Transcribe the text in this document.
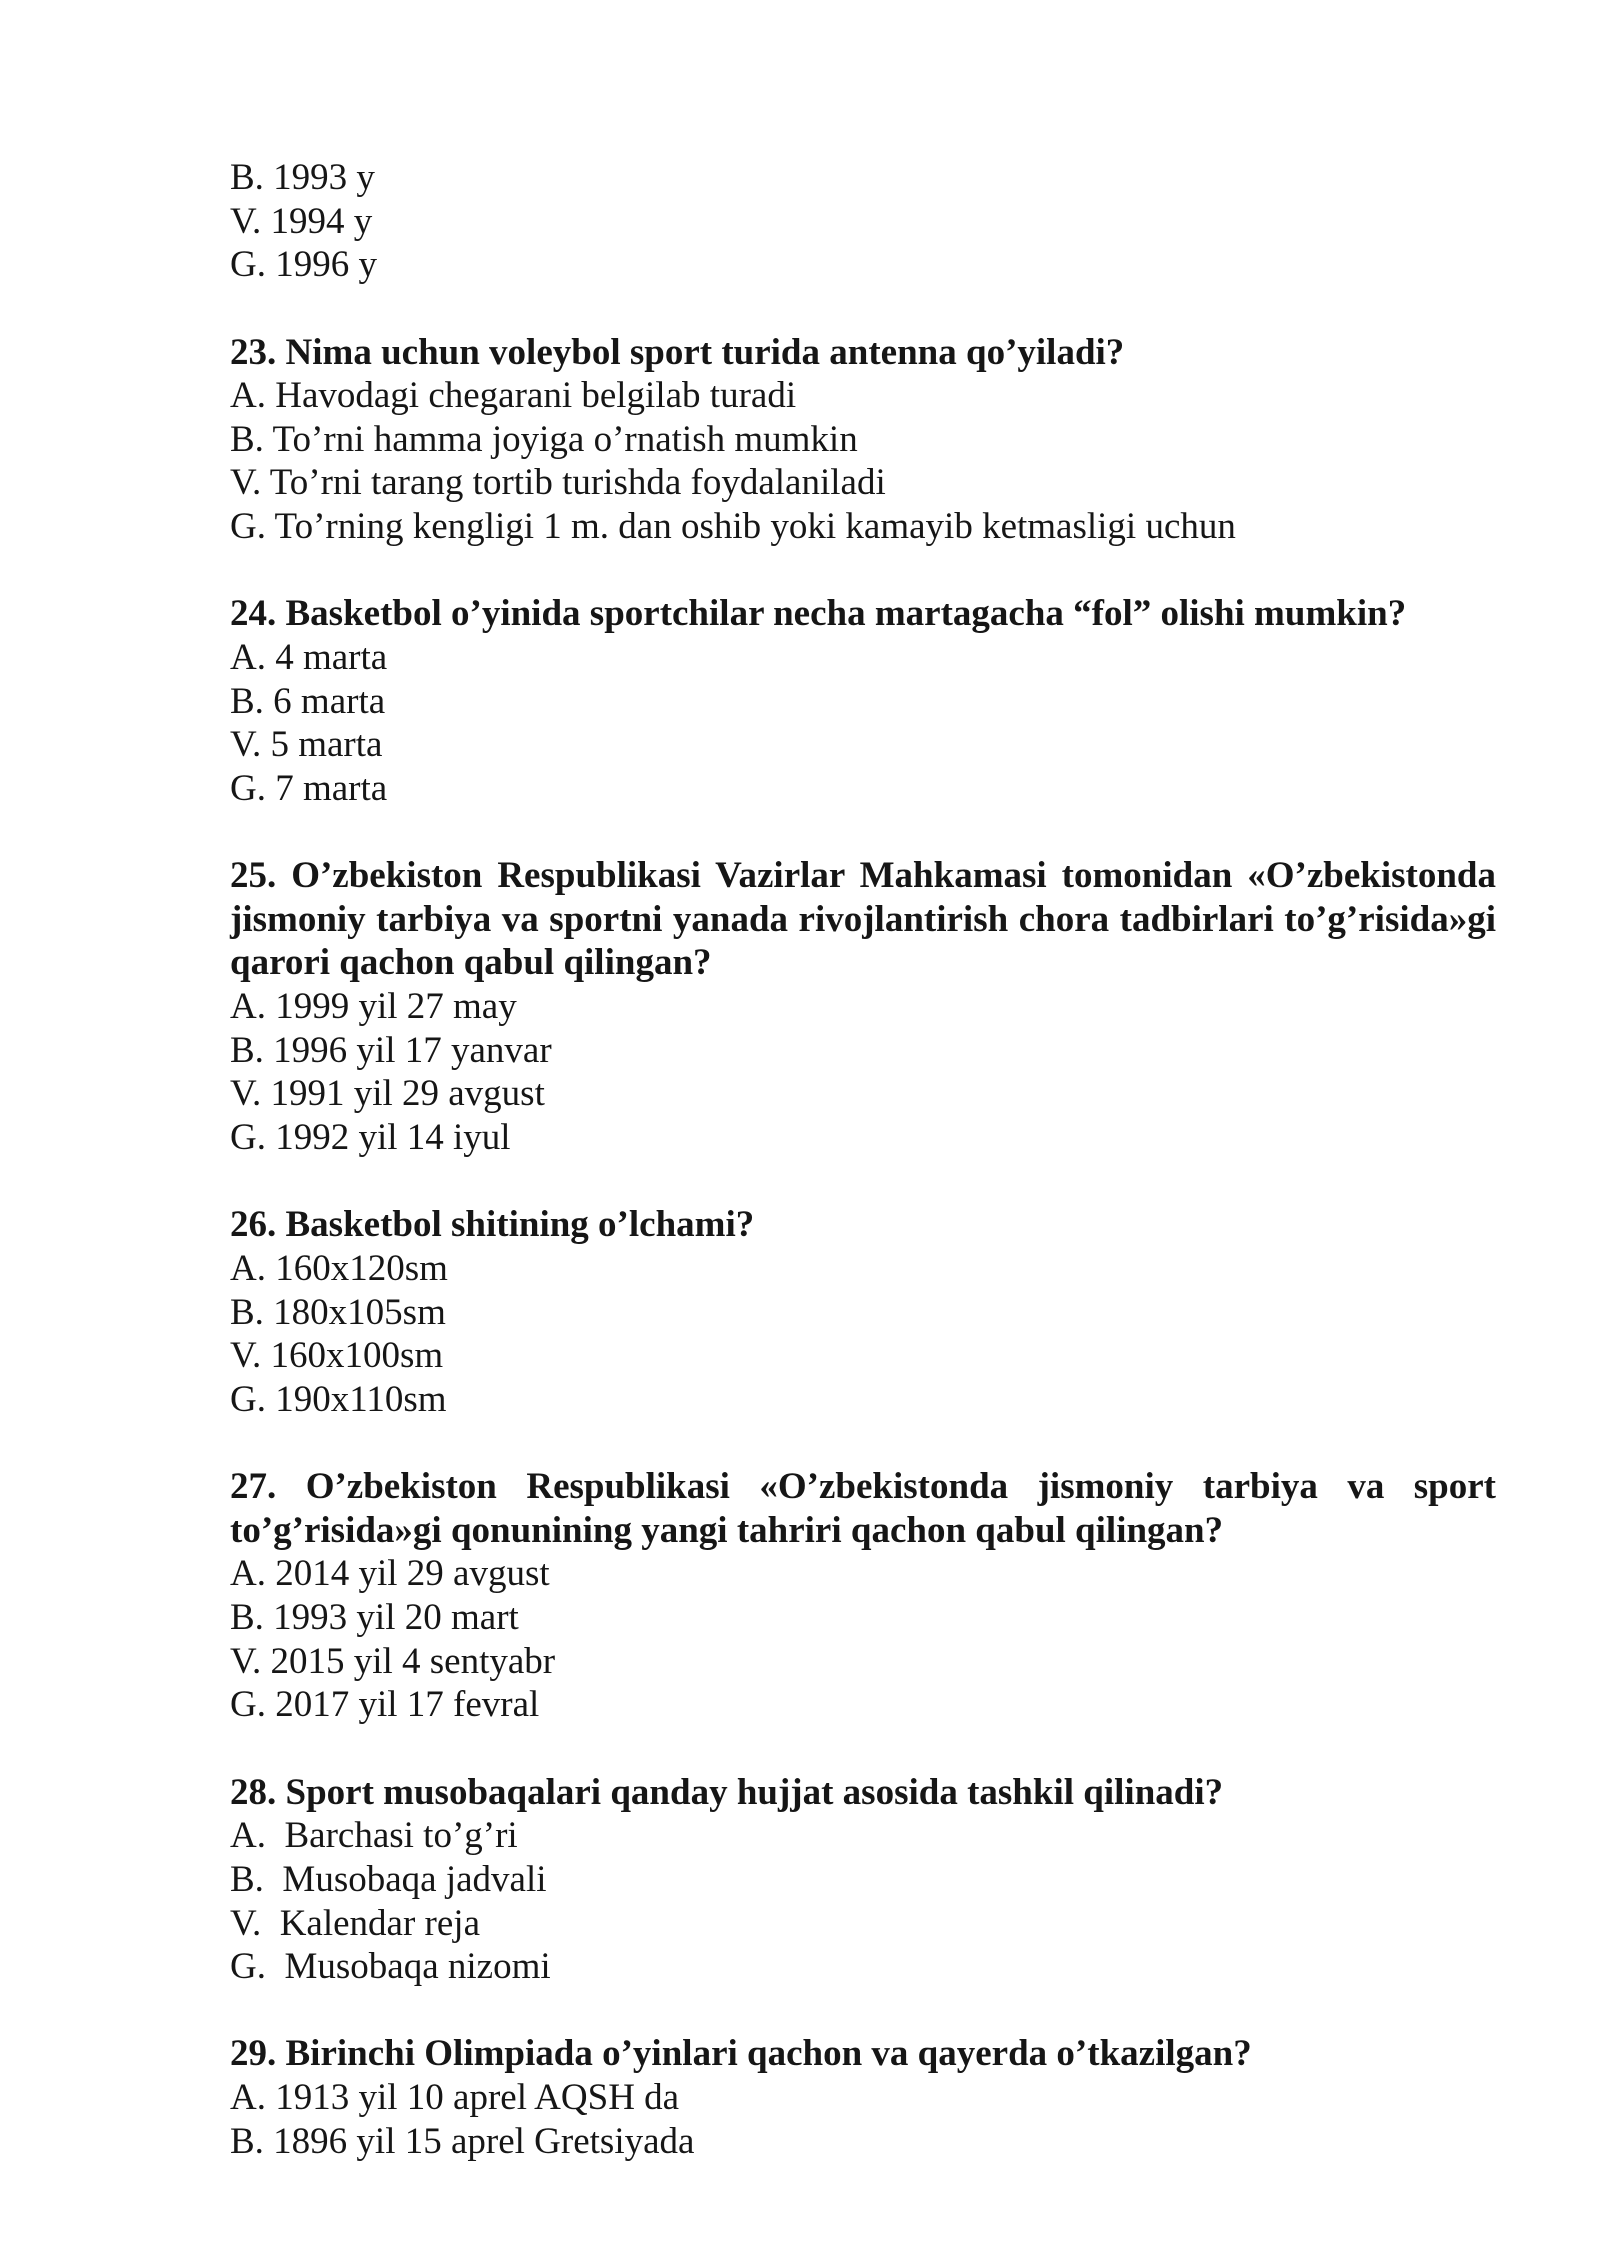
B. 1993 y
V. 1994 y
G. 1996 y
23. Nima uchun voleybol sport turida antenna qo’yiladi?
A. Havodagi chegarani belgilab turadi
B. To’rni hamma joyiga o’rnatish mumkin
V. To’rni tarang tortib turishda foydalaniladi
G. To’rning kengligi 1 m. dan oshib yoki kamayib ketmasligi uchun
24. Basketbol o’yinida sportchilar necha martagacha “fol” olishi mumkin?
A. 4 marta
B. 6 marta
V. 5 marta
G. 7 marta
25. O’zbekiston Respublikasi Vazirlar Mahkamasi tomonidan «O’zbekistonda
jismoniy tarbiya va sportni yanada rivojlantirish chora tadbirlari to’g’risida»gi
qarori qachon qabul qilingan?
A. 1999 yil 27 may
B. 1996 yil 17 yanvar
V. 1991 yil 29 avgust
G. 1992 yil 14 iyul
26. Basketbol shitining o’lchami?
A. 160x120sm
B. 180x105sm
V. 160x100sm
G. 190x110sm
27. O’zbekiston Respublikasi «O’zbekistonda jismoniy tarbiya va sport
to’g’risida»gi qonunining yangi tahriri qachon qabul qilingan?
A. 2014 yil 29 avgust
B. 1993 yil 20 mart
V. 2015 yil 4 sentyabr
G. 2017 yil 17 fevral
28. Sport musobaqalari qanday hujjat asosida tashkil qilinadi?
A.  Barchasi to’g’ri
B.  Musobaqa jadvali
V.  Kalendar reja
G.  Musobaqa nizomi
29. Birinchi Olimpiada o’yinlari qachon va qayerda o’tkazilgan?
A. 1913 yil 10 aprel AQSH da
B. 1896 yil 15 aprel Gretsiyada
